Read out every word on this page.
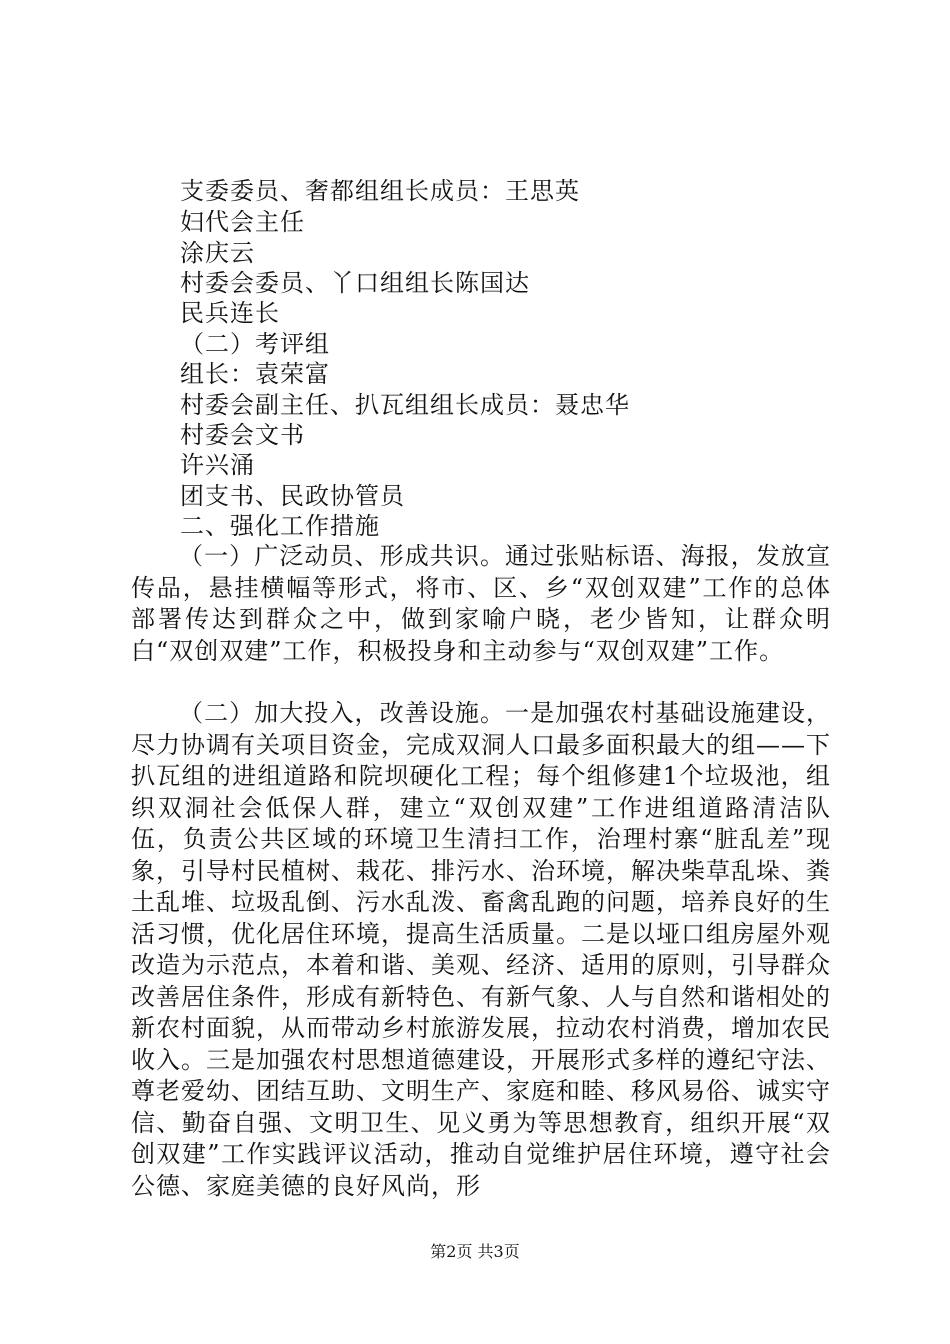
支委委员、奢都组组长成员：王思英
妇代会主任
涂庆云
村委会委员、丫口组组长陈国达
民兵连长
（二）考评组
组长：袁荣富
村委会副主任、扒瓦组组长成员：聂忠华
村委会文书
许兴涌
团支书、民政协管员
二、强化工作措施

（一）广泛动员、形成共识。通过张贴标语、海报，发放宣传品，悬挂横幅等形式，将市、区、乡“双创双建”工作的总体部署传达到群众之中，做到家喻户晓，老少皆知，让群众明白“双创双建”工作，积极投身和主动参与“双创双建”工作。

（二）加大投入，改善设施。一是加强农村基础设施建设，尽力协调有关项目资金，完成双洞人口最多面积最大的组——下扒瓦组的进组道路和院坝硬化工程；每个组修建1个垃圾池，组织双洞社会低保人群，建立“双创双建”工作进组道路清洁队伍，负责公共区域的环境卫生清扫工作，治理村寨“脏乱差”现象，引导村民植树、栽花、排污水、治环境，解决柴草乱垛、粪土乱堆、垃圾乱倒、污水乱泼、畜禽乱跑的问题，培养良好的生活习惯，优化居住环境，提高生活质量。二是以垭口组房屋外观改造为示范点，本着和谐、美观、经济、适用的原则，引导群众改善居住条件，形成有新特色、有新气象、人与自然和谐相处的新农村面貌，从而带动乡村旅游发展，拉动农村消费，增加农民收入。三是加强农村思想道德建设，开展形式多样的遵纪守法、尊老爱幼、团结互助、文明生产、家庭和睦、移风易俗、诚实守信、勤奋自强、文明卫生、见义勇为等思想教育，组织开展“双创双建”工作实践评议活动，推动自觉维护居住环境，遵守社会公德、家庭美德的良好风尚，形

第2页 共3页
